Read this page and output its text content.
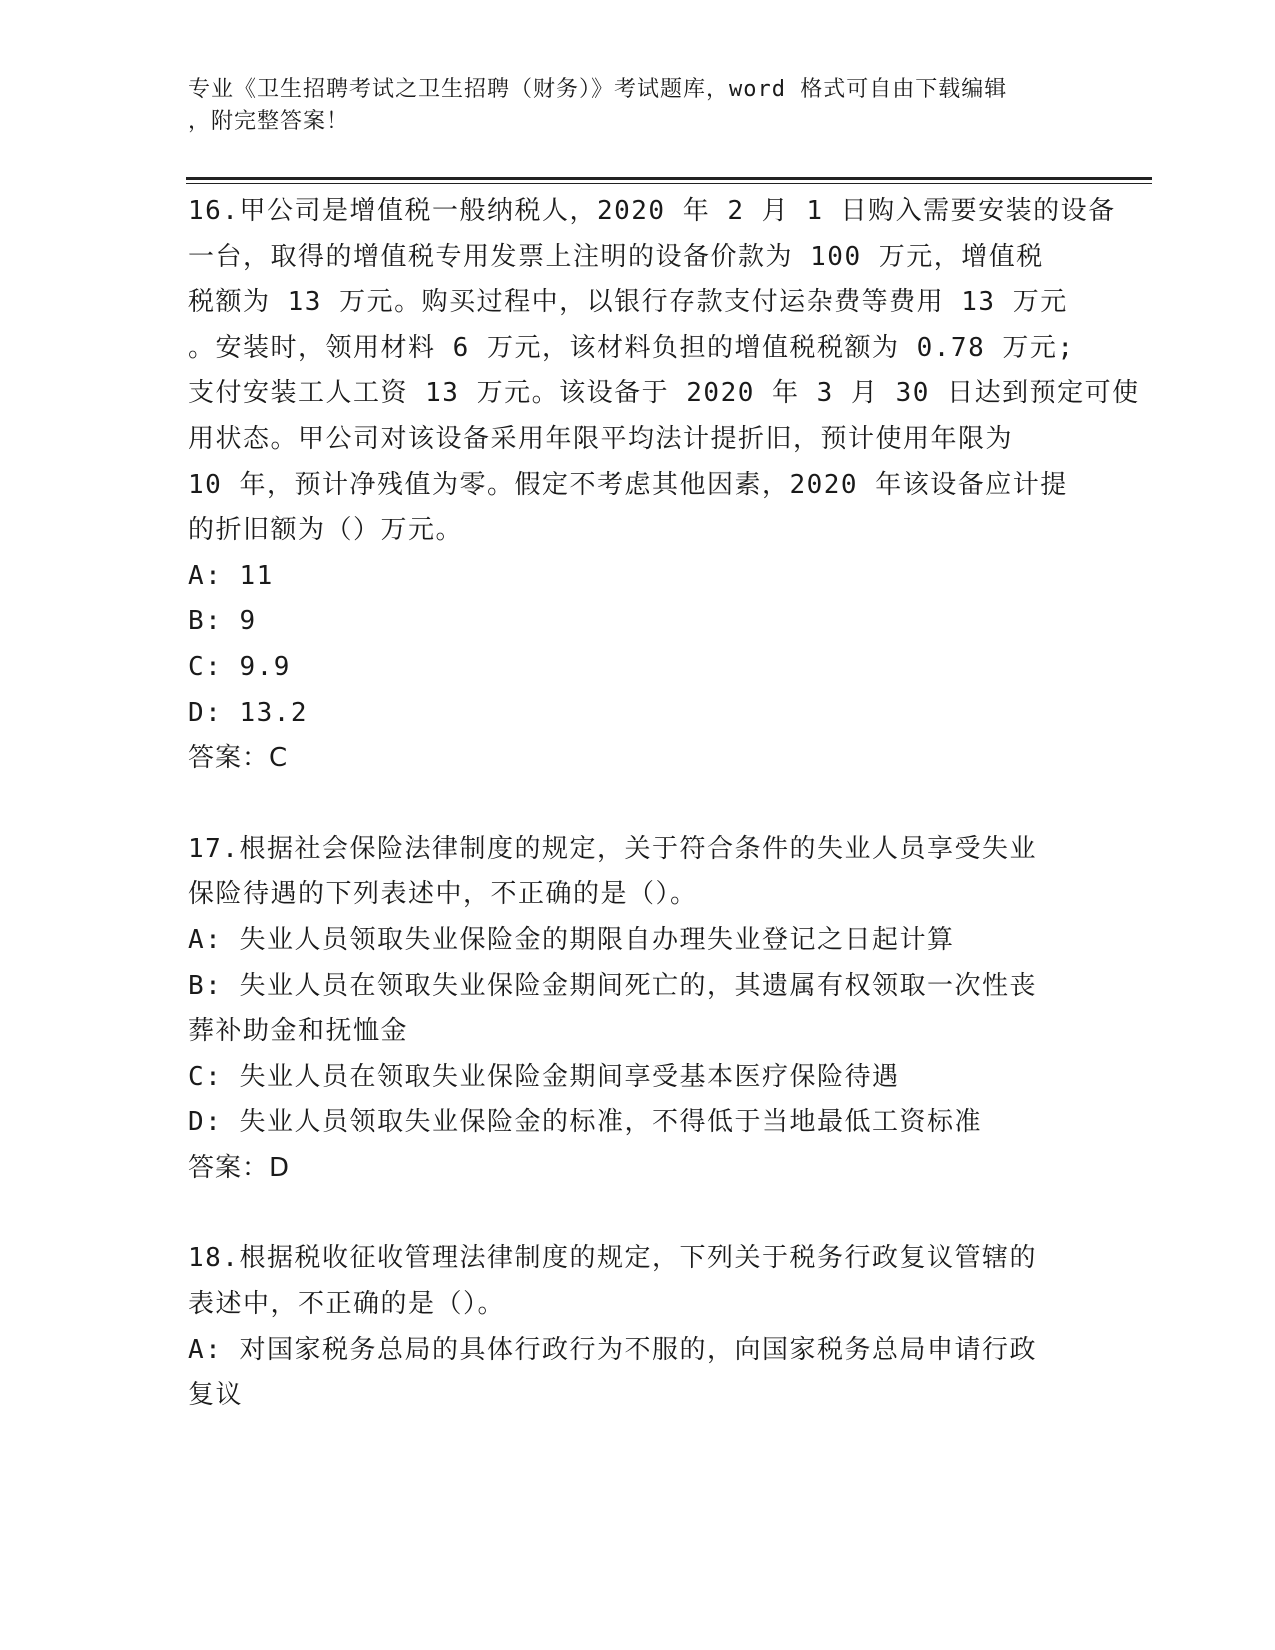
专业《卫生招聘考试之卫生招聘（财务）》考试题库，word 格式可自由下载编辑
，附完整答案！
16.甲公司是增值税一般纳税人，2020 年 2 月 1 日购入需要安装的设备
一台，取得的增值税专用发票上注明的设备价款为 100 万元，增值税
税额为 13 万元。购买过程中，以银行存款支付运杂费等费用 13 万元
。安装时，领用材料 6 万元，该材料负担的增值税税额为 0.78 万元;
支付安装工人工资 13 万元。该设备于 2020 年 3 月 30 日达到预定可使
用状态。甲公司对该设备采用年限平均法计提折旧，预计使用年限为
10 年，预计净残值为零。假定不考虑其他因素，2020 年该设备应计提
的折旧额为（）万元。
A: 11
B: 9
C: 9.9
D: 13.2
答案：C
17.根据社会保险法律制度的规定，关于符合条件的失业人员享受失业
保险待遇的下列表述中，不正确的是（）。
A: 失业人员领取失业保险金的期限自办理失业登记之日起计算
B: 失业人员在领取失业保险金期间死亡的，其遗属有权领取一次性丧
葬补助金和抚恤金
C: 失业人员在领取失业保险金期间享受基本医疗保险待遇
D: 失业人员领取失业保险金的标准，不得低于当地最低工资标准
答案：D
18.根据税收征收管理法律制度的规定，下列关于税务行政复议管辖的
表述中，不正确的是（）。
A: 对国家税务总局的具体行政行为不服的，向国家税务总局申请行政
复议
